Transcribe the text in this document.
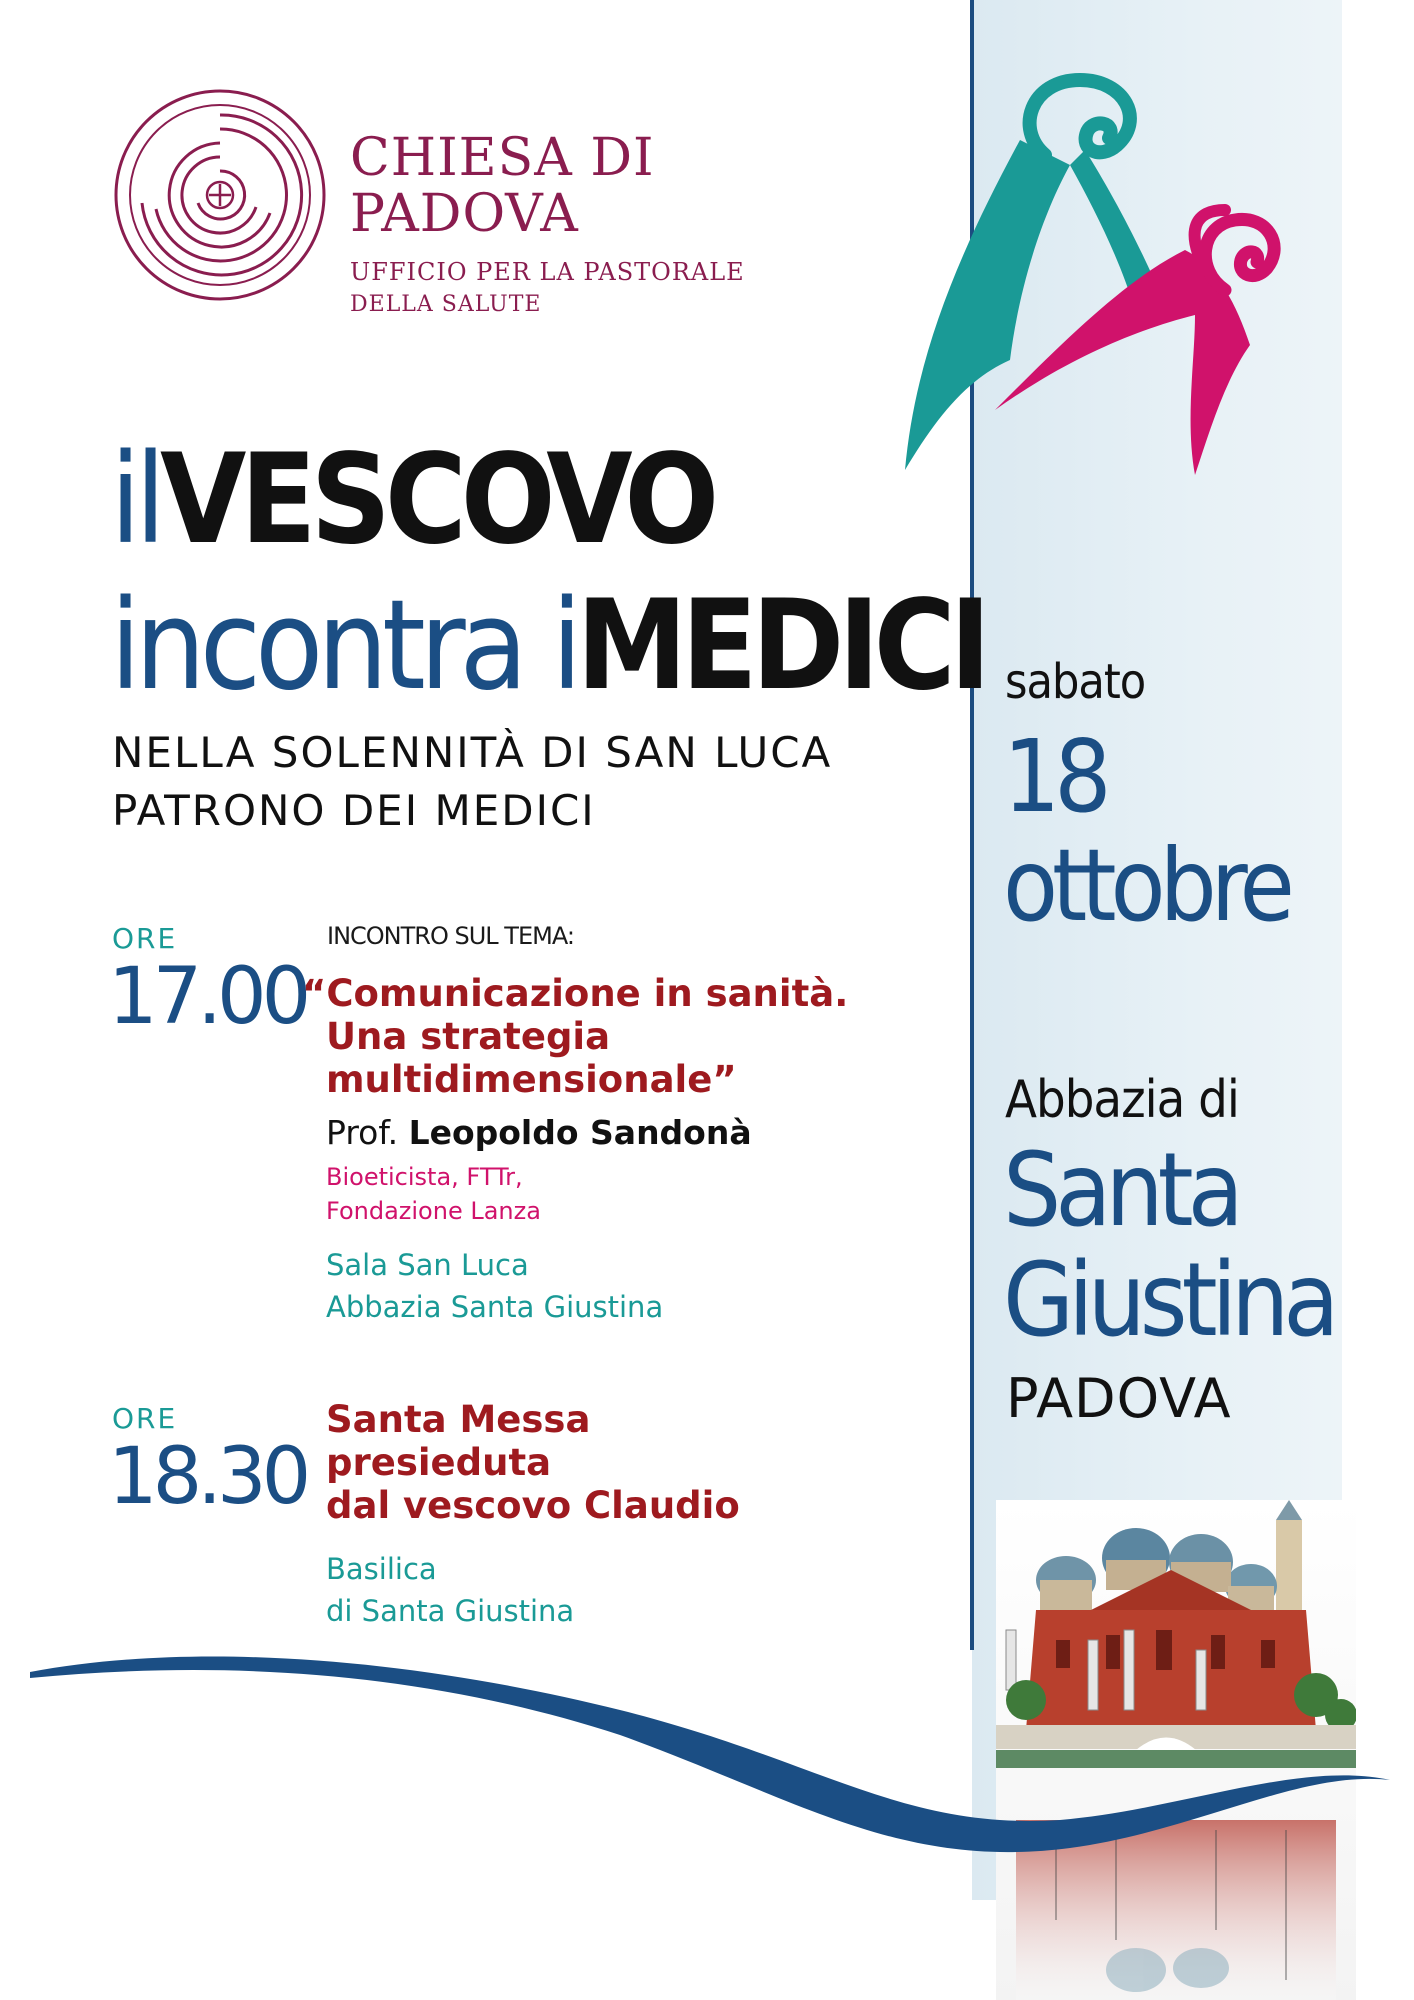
CHIESA DI
PADOVA
UFFICIO PER LA PASTORALE
DELLA SALUTE
ilVESCOVO
incontra iMEDICI
NELLA SOLENNITÀ DI SAN LUCA
PATRONO DEI MEDICI
ORE
17.00
INCONTRO SUL TEMA:
“Comunicazione in sanità.
Una strategia
multidimensionale”
Prof. Leopoldo Sandonà
Bioeticista, FTTr,
Fondazione Lanza
Sala San Luca
Abbazia Santa Giustina
ORE
18.30
Santa Messa
presieduta
dal vescovo Claudio
Basilica
di Santa Giustina
sabato
18
ottobre
Abbazia di
Santa
Giustina
PADOVA
